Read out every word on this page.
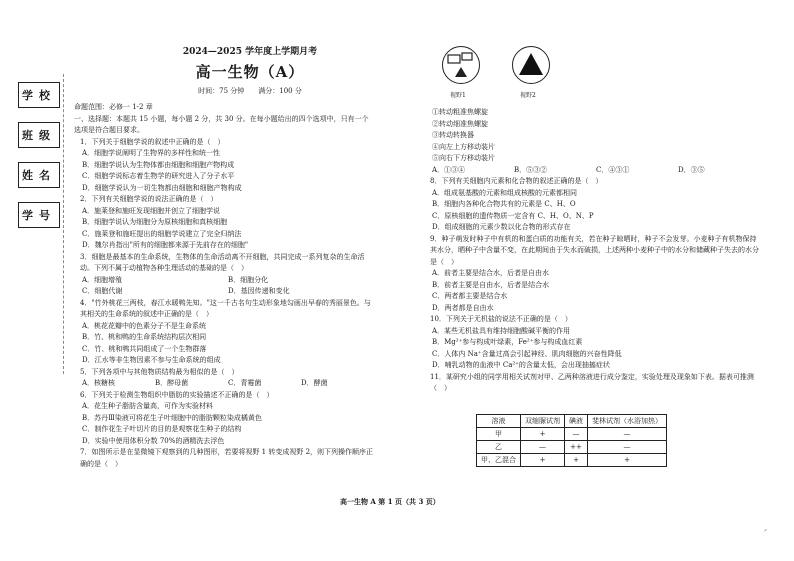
学校
班级
姓名
学号
2024—2025 学年度上学期月考
高一生物（A）
时间：75 分钟　　满分：100 分
命题范围：必修一 1-2 章
一、选择题：本题共 15 小题，每小题 2 分，共 30 分。在每小题给出的四个选项中，只有一个选项是符合题目要求。
1．下列关于细胞学说的叙述中正确的是（　）
A．细胞学说阐明了生物界的多样性和统一性
B．细胞学说认为生物体都由细胞和细胞产物构成
C．细胞学说标志着生物学的研究进入了分子水平
D．细胞学说认为一切生物都由细胞和细胞产物构成
2．下列有关细胞学说的说法正确的是（　）
A．施莱登和施旺发现细胞并创立了细胞学说
B．细胞学说认为细胞分为原核细胞和真核细胞
C．施莱登和施旺提出的细胞学说建立了完全归纳法
D．魏尔肖指出"所有的细胞都来源于先前存在的细胞"
3．细胞是最基本的生命系统，生物体的生命活动离不开细胞，共同完成一系列复杂的生命活动。下列不属于动植物各种生理活动的基础的是（　）
A．细胞增殖	B．细胞分化
C．细胞代谢	D．基因传递和变化
4．"竹外桃花三两枝，春江水暖鸭先知。"这一千古名句生动形象地勾画出早春的秀丽景色。与其相关的生命系统的叙述中正确的是（　）
A．桃花花瓣中的色素分子不是生命系统
B．竹、桃和鸭的生命系统结构层次相同
C．竹、桃和鸭共同组成了一个生物群落
D．江水等非生物因素不参与生命系统的组成
5．下列各项中与其他物质结构最为相似的是（　）
A．核糖核	B．醉母菌	C．青霉菌	D．酵菌
6．下列关于检测生物组织中脂肪的实验描述不正确的是（　）
A．花生种子脂肪含量高，可作为实验材料
B．苏丹Ⅲ染液可将花生子叶细胞中的脂肪颗粒染成橘黄色
C．制作花生子叶切片的目的是观察花生种子的结构
D．实验中使用体积分数 70%的酒精洗去浮色
7．如图所示是在显微镜下观察到的几种图形，若要将视野 1 转变成视野 2，则下列操作顺序正确的是（　）
视野1	视野2
①转动粗准焦螺旋
②转动细准焦螺旋
③转动转换器
④向左上方移动装片
⑤向右下方移动装片
A．①③④	B．⑤③②	C．④③①	D．③⑤
8．下列有关细胞内元素和化合物的叙述正确的是（　）
A．组成氨基酸的元素和组成核酸的元素都相同
B．细胞内各种化合物共有的元素是 C、H、O
C．原核细胞的遗传物质一定含有 C、H、O、N、P
D．组成细胞的元素少数以化合物的形式存在
9．种子萌发时种子中有机的和蛋白质的功能有关，若在种子晾晒时，种子不会发芽。小麦种子有机物保持其水分，晒种子中含量不变，在此期间由于失水而破损，上述两种小麦种子中的水分和储藏种子失去的水分是（　）
A．前者主要是结合水，后者是自由水
B．前者主要是自由水，后者是结合水
C．两者都主要是结合水
D．两者都是自由水
10．下列关于无机盐的说法不正确的是（　）
A．某些无机盐具有维持细胞酸碱平衡的作用
B．Mg²⁺参与构成叶绿素，Fe²⁺参与构成血红素
C．人体内 Na⁺含量过高会引起神经、肌肉细胞的兴奋性降低
D．哺乳动物的血液中 Ca²⁺的含量太低，会出现抽搐症状
11．某研究小组的同学用相关试剂对甲、乙两种溶液进行成分鉴定，实验处理及现象如下表。据表可推测（　）
溶液	双缩脲试剂	碘液	斐林试剂（水浴加热）
甲	+	—	—
乙	—	++	—
甲、乙混合	+	+	+
高一生物 A 第 1 页（共 3 页）
ᐟ
